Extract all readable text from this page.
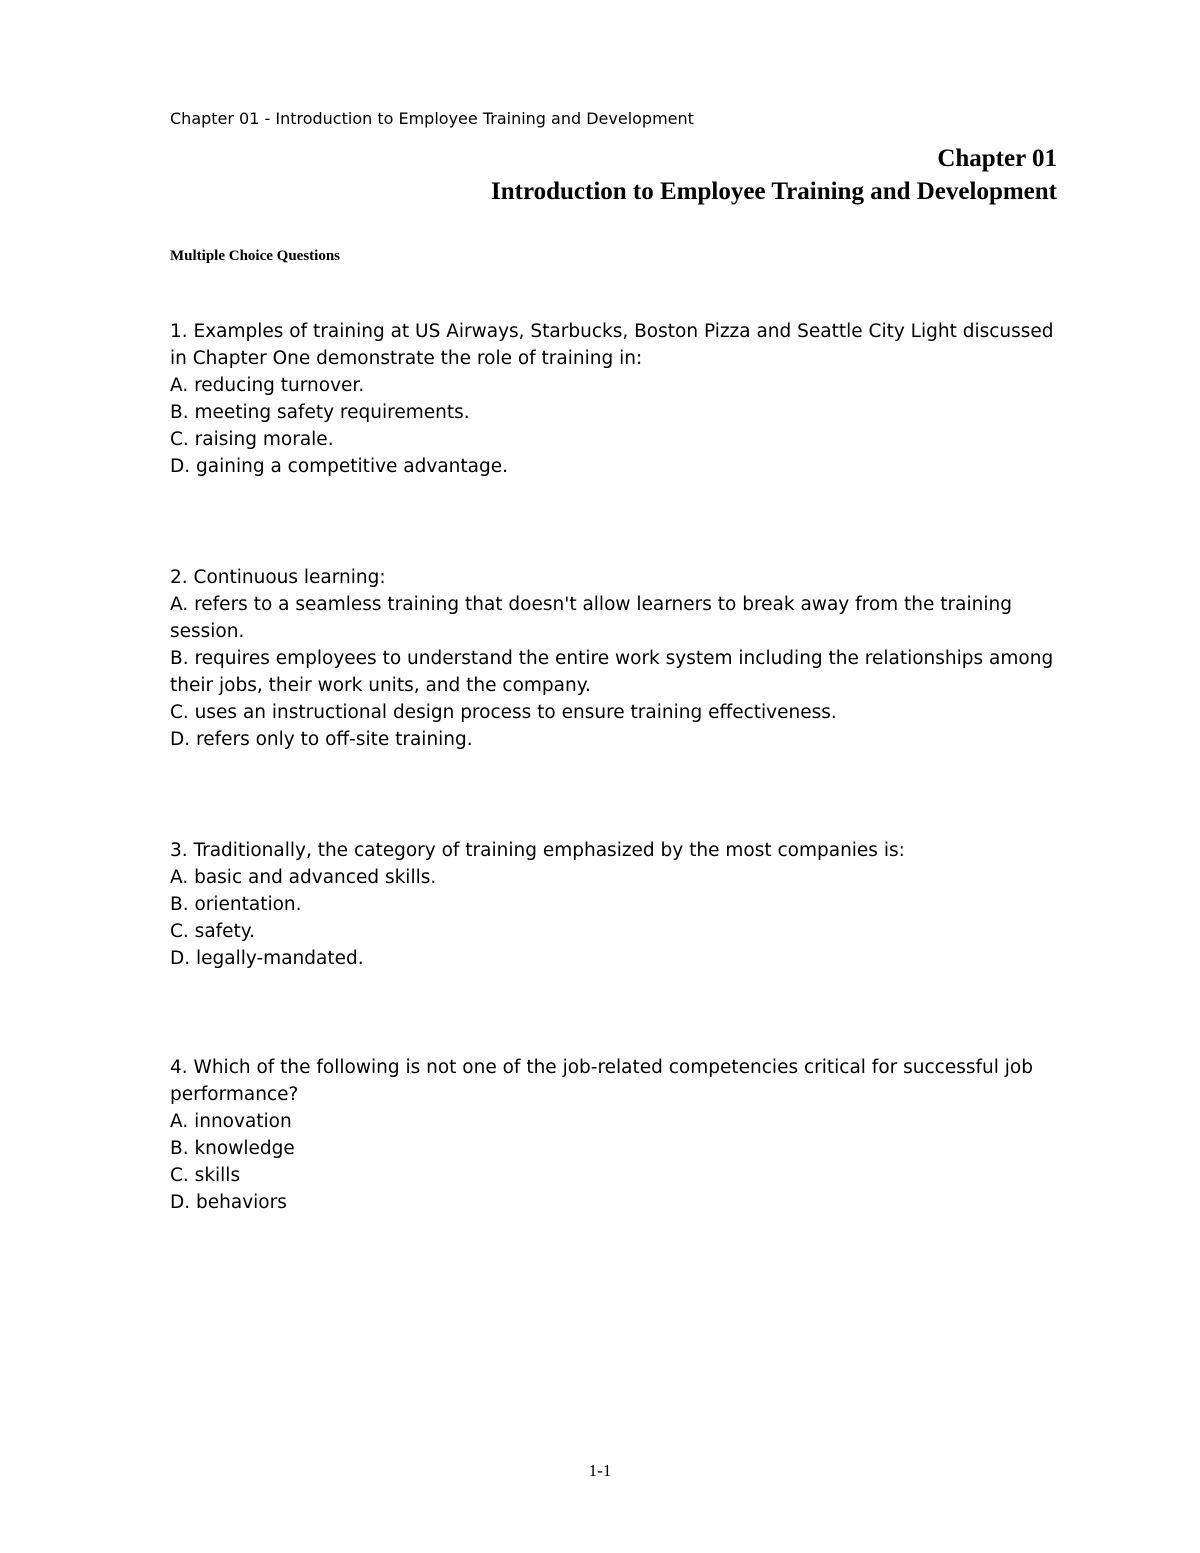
Chapter 01 - Introduction to Employee Training and Development
Chapter 01
Introduction to Employee Training and Development
Multiple Choice Questions
1. Examples of training at US Airways, Starbucks, Boston Pizza and Seattle City Light discussed in Chapter One demonstrate the role of training in:
A. reducing turnover.
B. meeting safety requirements.
C. raising morale.
D. gaining a competitive advantage.
2. Continuous learning:
A. refers to a seamless training that doesn't allow learners to break away from the training session.
B. requires employees to understand the entire work system including the relationships among their jobs, their work units, and the company.
C. uses an instructional design process to ensure training effectiveness.
D. refers only to off-site training.
3. Traditionally, the category of training emphasized by the most companies is:
A. basic and advanced skills.
B. orientation.
C. safety.
D. legally-mandated.
4. Which of the following is not one of the job-related competencies critical for successful job performance?
A. innovation
B. knowledge
C. skills
D. behaviors
1-1
